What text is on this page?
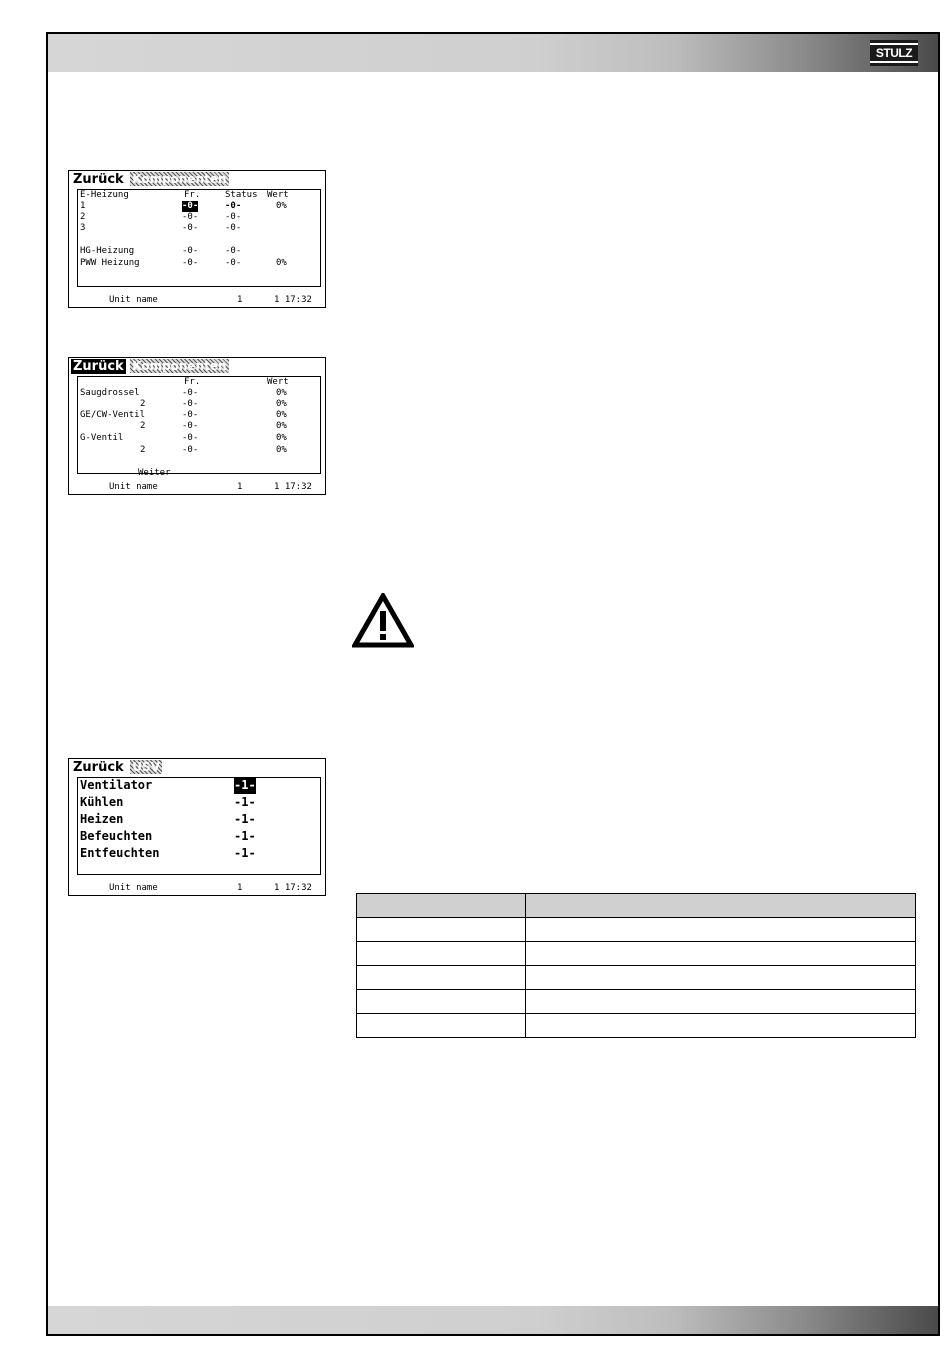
STULZ
Zurück Komponenten
E-Heizung	Fr.	Status Wert
1	-0-	-0-	0%
2	-0-	-0-
3	-0-	-0-
HG-Heizung	-0-	-0-
PWW Heizung	-0-	-0-	0%
Unit name	1	1 17:32
Zurück Komponenten
Fr.	Wert
Saugdrossel	-0-	0%
2	-0-	0%
GE/CW-Ventil	-0-	0%
2	-0-	0%
G-Ventil	-0-	0%
2	-0-	0%
Weiter
Unit name	1	1 17:32
Zurück USV
Ventilator	-1-
Kühlen	-1-
Heizen	-1-
Befeuchten	-1-
Entfeuchten	-1-
Unit name	1	1 17:32
